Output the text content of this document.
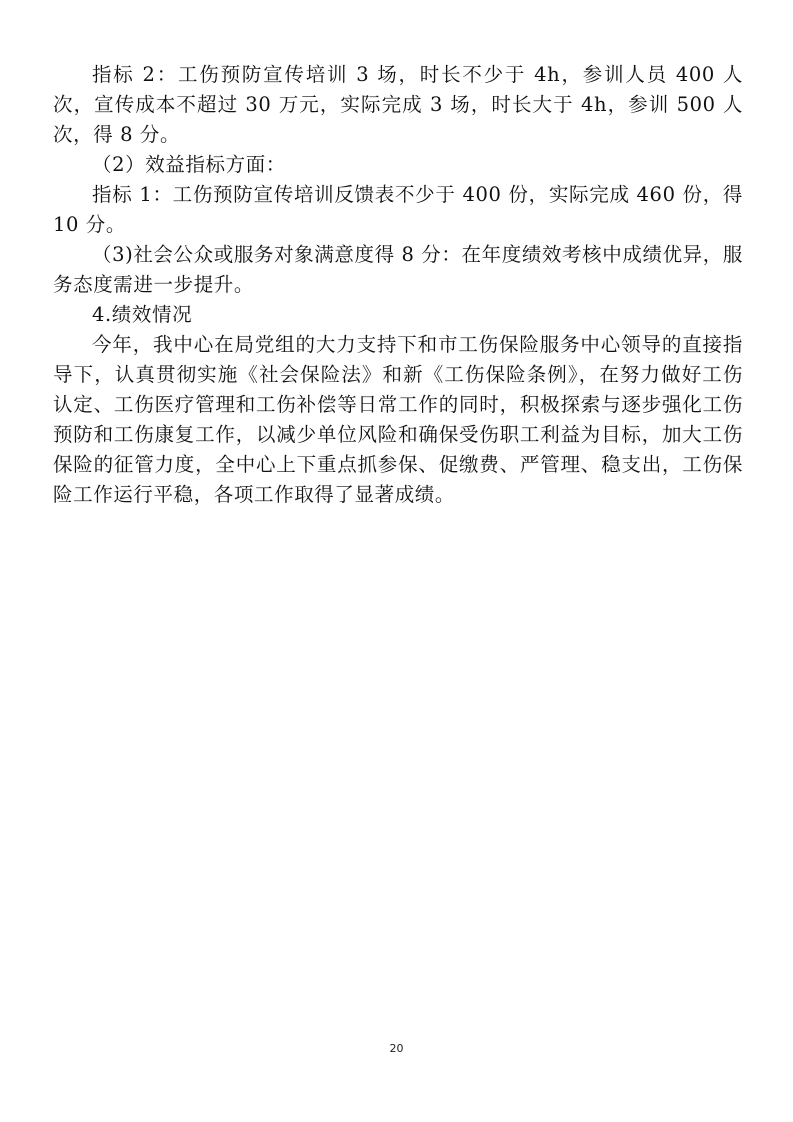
指标 2：工伤预防宣传培训 3 场，时长不少于 4h，参训人员 400 人次，宣传成本不超过 30 万元，实际完成 3 场，时长大于 4h，参训 500 人次，得 8 分。

（2）效益指标方面：

指标 1：工伤预防宣传培训反馈表不少于 400 份，实际完成 460 份，得 10 分。

（3)社会公众或服务对象满意度得 8 分：在年度绩效考核中成绩优异，服务态度需进一步提升。

4.绩效情况

今年，我中心在局党组的大力支持下和市工伤保险服务中心领导的直接指导下，认真贯彻实施《社会保险法》和新《工伤保险条例》，在努力做好工伤认定、工伤医疗管理和工伤补偿等日常工作的同时，积极探索与逐步强化工伤预防和工伤康复工作，以减少单位风险和确保受伤职工利益为目标，加大工伤保险的征管力度，全中心上下重点抓参保、促缴费、严管理、稳支出，工伤保险工作运行平稳，各项工作取得了显著成绩。

20
